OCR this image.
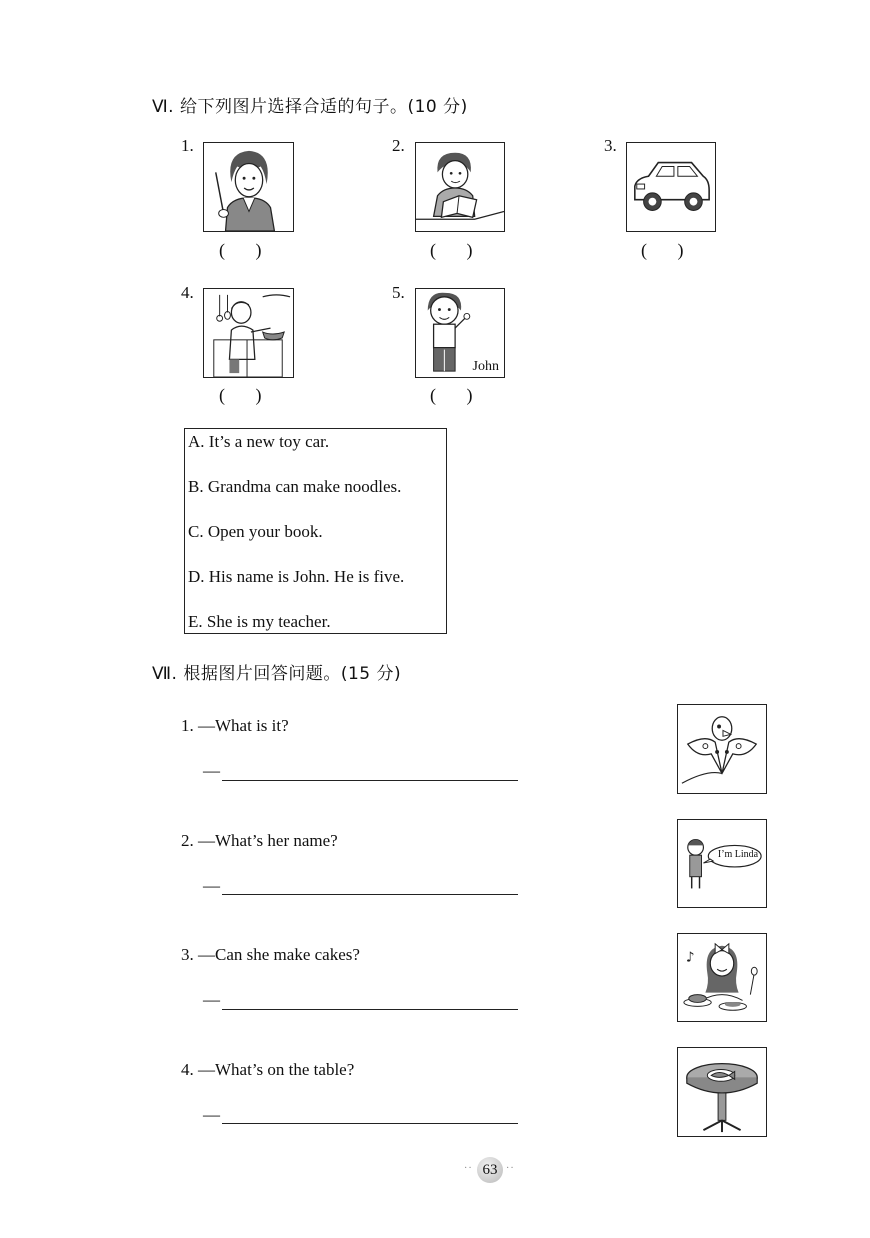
Ⅵ. 给下列图片选择合适的句子。(10 分)
1.
( )
2.
( )
3.
( )
4.
( )
5.
John
( )
A. It’s a new toy car.
B. Grandma can make noodles.
C. Open your book.
D. His name is John. He is five.
E. She is my teacher.
Ⅶ. 根据图片回答问题。(15 分)
1. —What is it?
—
2. —What’s her name?
—
I’m Linda
3. —Can she make cakes?
—
♪
4. —What’s on the table?
—
·· 63 ··
